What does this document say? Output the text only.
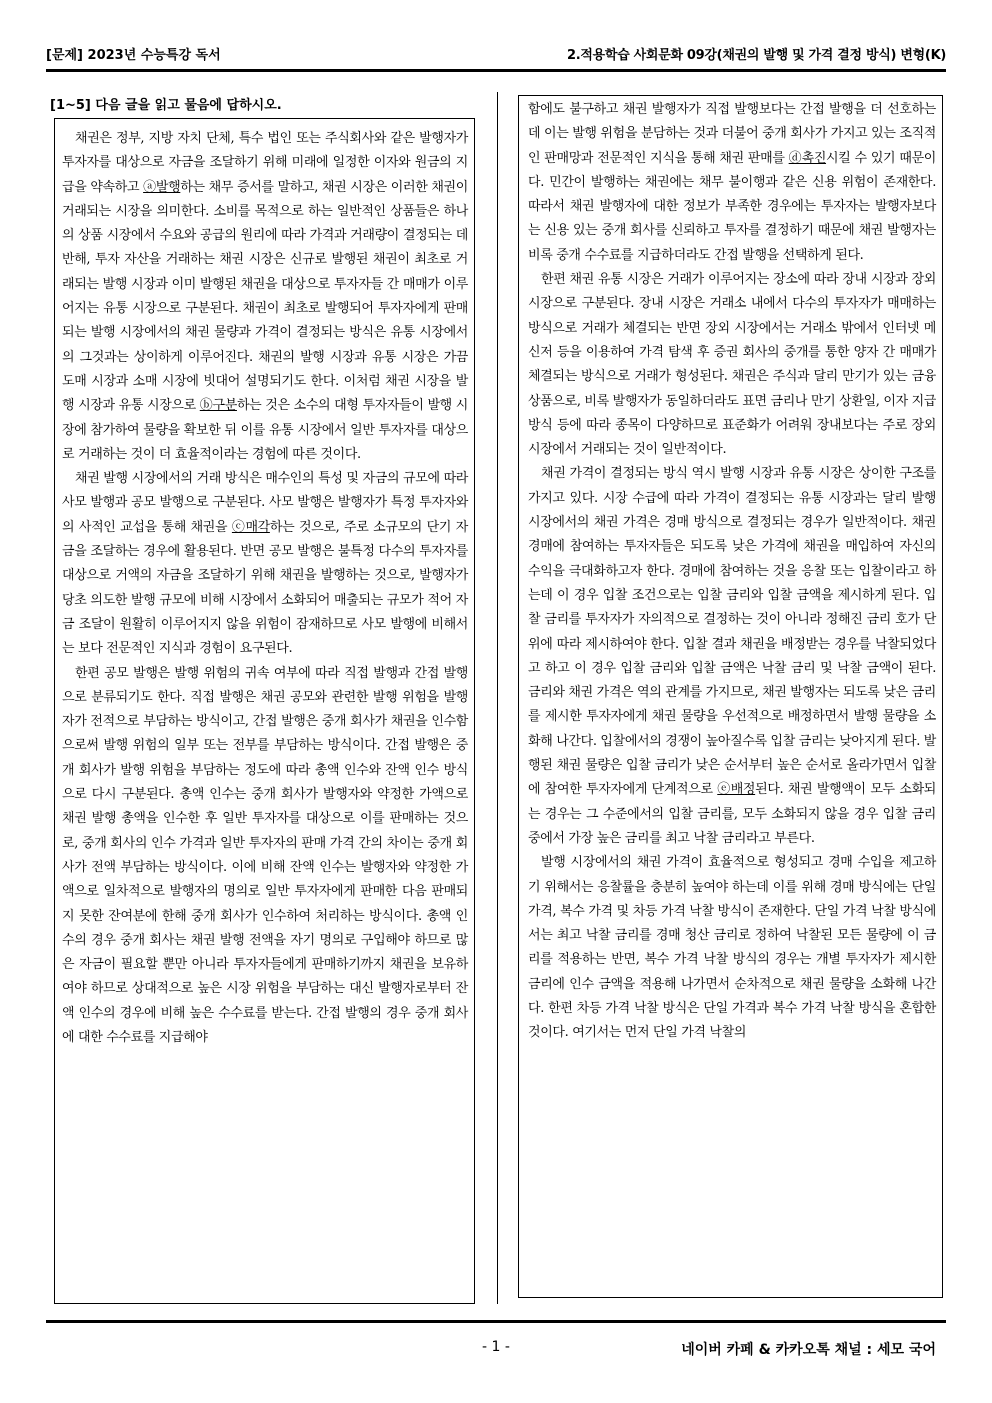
[문제] 2023년 수능특강 독서	2.적용학습 사회문화 09강(채권의 발행 및 가격 결정 방식) 변형(K)
[1~5] 다음 글을 읽고 물음에 답하시오.

채권은 정부, 지방 자치 단체, 특수 법인 또는 주식회사와 같은 발행자가 투자자를 대상으로 자금을 조달하기 위해 미래에 일정한 이자와 원금의 지급을 약속하고 ⓐ발행하는 채무 증서를 말하고, 채권 시장은 이러한 채권이 거래되는 시장을 의미한다. 소비를 목적으로 하는 일반적인 상품들은 하나의 상품 시장에서 수요와 공급의 원리에 따라 가격과 거래량이 결정되는 데 반해, 투자 자산을 거래하는 채권 시장은 신규로 발행된 채권이 최초로 거래되는 발행 시장과 이미 발행된 채권을 대상으로 투자자들 간 매매가 이루어지는 유통 시장으로 구분된다. 채권이 최초로 발행되어 투자자에게 판매되는 발행 시장에서의 채권 물량과 가격이 결정되는 방식은 유통 시장에서의 그것과는 상이하게 이루어진다. 채권의 발행 시장과 유통 시장은 가끔 도매 시장과 소매 시장에 빗대어 설명되기도 한다. 이처럼 채권 시장을 발행 시장과 유통 시장으로 ⓑ구분하는 것은 소수의 대형 투자자들이 발행 시장에 참가하여 물량을 확보한 뒤 이를 유통 시장에서 일반 투자자를 대상으로 거래하는 것이 더 효율적이라는 경험에 따른 것이다.

채권 발행 시장에서의 거래 방식은 매수인의 특성 및 자금의 규모에 따라 사모 발행과 공모 발행으로 구분된다. 사모 발행은 발행자가 특정 투자자와의 사적인 교섭을 통해 채권을 ⓒ매각하는 것으로, 주로 소규모의 단기 자금을 조달하는 경우에 활용된다. 반면 공모 발행은 불특정 다수의 투자자를 대상으로 거액의 자금을 조달하기 위해 채권을 발행하는 것으로, 발행자가 당초 의도한 발행 규모에 비해 시장에서 소화되어 매출되는 규모가 적어 자금 조달이 원활히 이루어지지 않을 위험이 잠재하므로 사모 발행에 비해서는 보다 전문적인 지식과 경험이 요구된다.

한편 공모 발행은 발행 위험의 귀속 여부에 따라 직접 발행과 간접 발행으로 분류되기도 한다. 직접 발행은 채권 공모와 관련한 발행 위험을 발행자가 전적으로 부담하는 방식이고, 간접 발행은 중개 회사가 채권을 인수함으로써 발행 위험의 일부 또는 전부를 부담하는 방식이다. 간접 발행은 중개 회사가 발행 위험을 부담하는 정도에 따라 총액 인수와 잔액 인수 방식으로 다시 구분된다. 총액 인수는 중개 회사가 발행자와 약정한 가액으로 채권 발행 총액을 인수한 후 일반 투자자를 대상으로 이를 판매하는 것으로, 중개 회사의 인수 가격과 일반 투자자의 판매 가격 간의 차이는 중개 회사가 전액 부담하는 방식이다. 이에 비해 잔액 인수는 발행자와 약정한 가액으로 일차적으로 발행자의 명의로 일반 투자자에게 판매한 다음 판매되지 못한 잔여분에 한해 중개 회사가 인수하여 처리하는 방식이다. 총액 인수의 경우 중개 회사는 채권 발행 전액을 자기 명의로 구입해야 하므로 많은 자금이 필요할 뿐만 아니라 투자자들에게 판매하기까지 채권을 보유하여야 하므로 상대적으로 높은 시장 위험을 부담하는 대신 발행자로부터 잔액 인수의 경우에 비해 높은 수수료를 받는다. 간접 발행의 경우 중개 회사에 대한 수수료를 지급해야

함에도 불구하고 채권 발행자가 직접 발행보다는 간접 발행을 더 선호하는데 이는 발행 위험을 분담하는 것과 더불어 중개 회사가 가지고 있는 조직적인 판매망과 전문적인 지식을 통해 채권 판매를 ⓓ촉진시킬 수 있기 때문이다. 민간이 발행하는 채권에는 채무 불이행과 같은 신용 위험이 존재한다. 따라서 채권 발행자에 대한 정보가 부족한 경우에는 투자자는 발행자보다는 신용 있는 중개 회사를 신뢰하고 투자를 결정하기 때문에 채권 발행자는 비록 중개 수수료를 지급하더라도 간접 발행을 선택하게 된다.

한편 채권 유통 시장은 거래가 이루어지는 장소에 따라 장내 시장과 장외 시장으로 구분된다. 장내 시장은 거래소 내에서 다수의 투자자가 매매하는 방식으로 거래가 체결되는 반면 장외 시장에서는 거래소 밖에서 인터넷 메신저 등을 이용하여 가격 탐색 후 증권 회사의 중개를 통한 양자 간 매매가 체결되는 방식으로 거래가 형성된다. 채권은 주식과 달리 만기가 있는 금융 상품으로, 비록 발행자가 동일하더라도 표면 금리나 만기 상환일, 이자 지급 방식 등에 따라 종목이 다양하므로 표준화가 어려워 장내보다는 주로 장외 시장에서 거래되는 것이 일반적이다.

채권 가격이 결정되는 방식 역시 발행 시장과 유통 시장은 상이한 구조를 가지고 있다. 시장 수급에 따라 가격이 결정되는 유통 시장과는 달리 발행 시장에서의 채권 가격은 경매 방식으로 결정되는 경우가 일반적이다. 채권 경매에 참여하는 투자자들은 되도록 낮은 가격에 채권을 매입하여 자신의 수익을 극대화하고자 한다. 경매에 참여하는 것을 응찰 또는 입찰이라고 하는데 이 경우 입찰 조건으로는 입찰 금리와 입찰 금액을 제시하게 된다. 입찰 금리를 투자자가 자의적으로 결정하는 것이 아니라 정해진 금리 호가 단위에 따라 제시하여야 한다. 입찰 결과 채권을 배정받는 경우를 낙찰되었다고 하고 이 경우 입찰 금리와 입찰 금액은 낙찰 금리 및 낙찰 금액이 된다. 금리와 채권 가격은 역의 관계를 가지므로, 채권 발행자는 되도록 낮은 금리를 제시한 투자자에게 채권 물량을 우선적으로 배정하면서 발행 물량을 소화해 나간다. 입찰에서의 경쟁이 높아질수록 입찰 금리는 낮아지게 된다. 발행된 채권 물량은 입찰 금리가 낮은 순서부터 높은 순서로 올라가면서 입찰에 참여한 투자자에게 단계적으로 ⓔ배정된다. 채권 발행액이 모두 소화되는 경우는 그 수준에서의 입찰 금리를, 모두 소화되지 않을 경우 입찰 금리 중에서 가장 높은 금리를 최고 낙찰 금리라고 부른다.

발행 시장에서의 채권 가격이 효율적으로 형성되고 경매 수입을 제고하기 위해서는 응찰률을 충분히 높여야 하는데 이를 위해 경매 방식에는 단일 가격, 복수 가격 및 차등 가격 낙찰 방식이 존재한다. 단일 가격 낙찰 방식에서는 최고 낙찰 금리를 경매 청산 금리로 정하여 낙찰된 모든 물량에 이 금리를 적용하는 반면, 복수 가격 낙찰 방식의 경우는 개별 투자자가 제시한 금리에 인수 금액을 적용해 나가면서 순차적으로 채권 물량을 소화해 나간다. 한편 차등 가격 낙찰 방식은 단일 가격과 복수 가격 낙찰 방식을 혼합한 것이다. 여기서는 먼저 단일 가격 낙찰의

- 1 -	네이버 카페 & 카카오톡 채널 : 세모 국어
